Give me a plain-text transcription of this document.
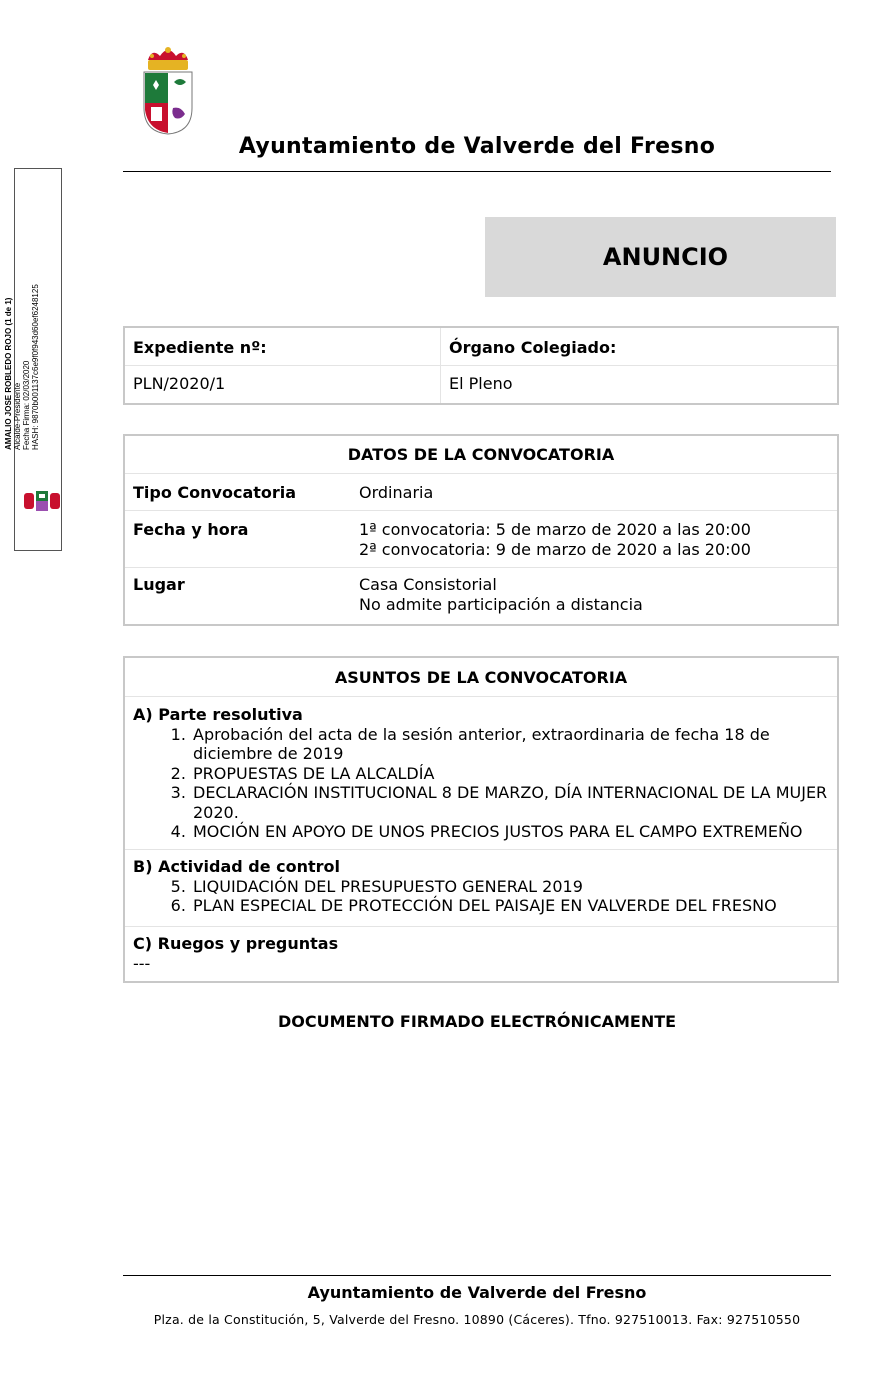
AMALIO JOSE ROBLEDO ROJO (1 de 1) Alcalde-Presidente Fecha Firma: 02/03/2020 HASH: 9870b001137c6e9f0f943d60ef6248125
Ayuntamiento de Valverde del Fresno
ANUNCIO
Expediente nº:	Órgano Colegiado:
PLN/2020/1	El Pleno
DATOS DE LA CONVOCATORIA
Tipo Convocatoria	Ordinaria
Fecha y hora	1ª convocatoria: 5 de marzo de 2020 a las 20:00
2ª convocatoria: 9 de marzo de 2020 a las 20:00
Lugar	Casa Consistorial
No admite participación a distancia
ASUNTOS DE LA CONVOCATORIA
A) Parte resolutiva
1. Aprobación del acta de la sesión anterior, extraordinaria de fecha 18 de diciembre de 2019
2. PROPUESTAS DE LA ALCALDÍA
3. DECLARACIÓN INSTITUCIONAL 8 DE MARZO, DÍA INTERNACIONAL DE LA MUJER 2020.
4. MOCIÓN EN APOYO DE UNOS PRECIOS JUSTOS PARA EL CAMPO EXTREMEÑO
B) Actividad de control
5. LIQUIDACIÓN DEL PRESUPUESTO GENERAL 2019
6. PLAN ESPECIAL DE PROTECCIÓN DEL PAISAJE EN VALVERDE DEL FRESNO
C) Ruegos y preguntas
---
DOCUMENTO FIRMADO ELECTRÓNICAMENTE
Ayuntamiento de Valverde del Fresno
Plza. de la Constitución, 5, Valverde del Fresno. 10890 (Cáceres). Tfno. 927510013. Fax: 927510550
